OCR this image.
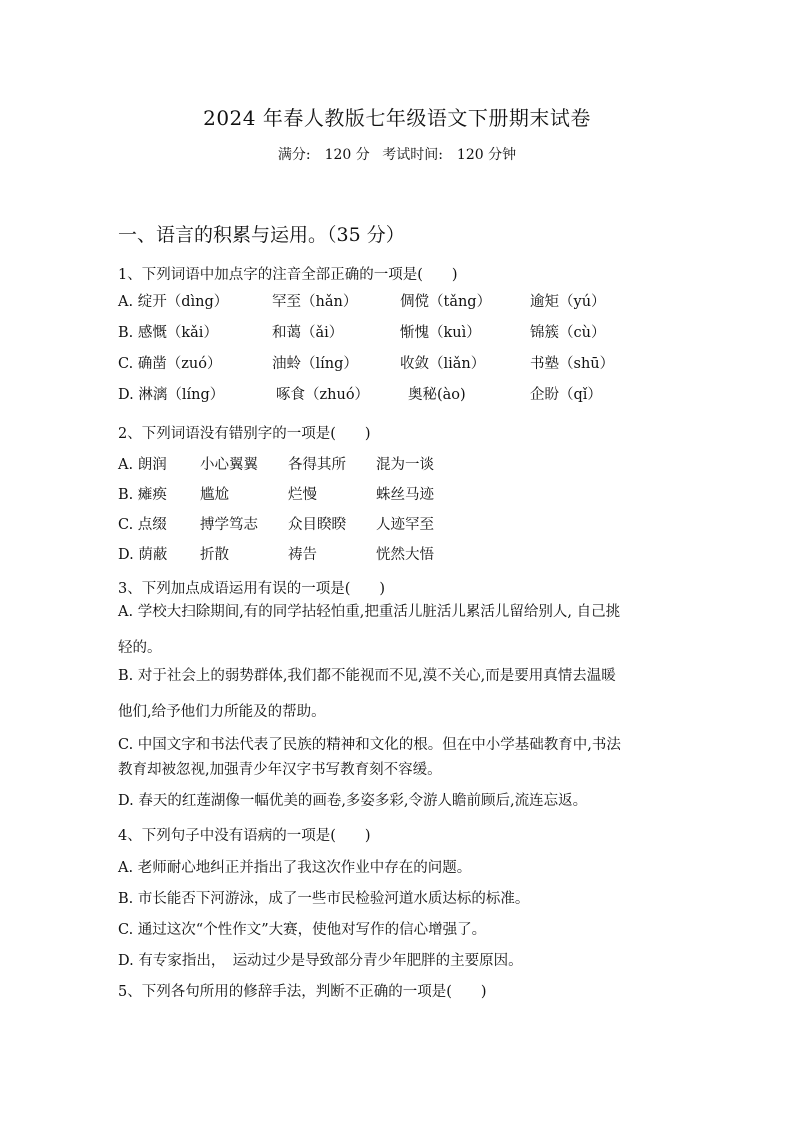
2024 年春人教版七年级语文下册期末试卷
满分:　120 分 考试时间:　120 分钟
一、语言的积累与运用。（35 分）
1、下列词语中加点字的注音全部正确的一项是(　　)
A. 绽开（dìng）	罕至（hǎn）	倜傥（tǎng）	逾矩（yú）
B. 感慨（kǎi）	和蔼（ǎi）	惭愧（kuì）	锦簇（cù）
C. 确凿（zuó）	油蛉（líng）	收敛（liǎn）	书塾（shū）
D. 淋漓（líng）	啄食（zhuó）	奥秘(ào)	企盼（qǐ）
2、下列词语没有错别字的一项是(　　)
A. 朗润 小心翼翼 各得其所 混为一谈
B. 瘫痪 尴尬	烂慢	蛛丝马迹
C. 点缀 搏学笃志 众目睽睽 人迹罕至
D. 荫蔽 折散	祷告	恍然大悟
3、下列加点成语运用有误的一项是(　　)
A. 学校大扫除期间,有的同学拈轻怕重,把重活儿脏活儿累活儿留给别人, 自己挑
轻的。
B. 对于社会上的弱势群体,我们都不能视而不见,漠不关心,而是要用真情去温暖
他们,给予他们力所能及的帮助。
C. 中国文字和书法代表了民族的精神和文化的根。但在中小学基础教育中,书法
教育却被忽视,加强青少年汉字书写教育刻不容缓。
D. 春天的红莲湖像一幅优美的画卷,多姿多彩,令游人瞻前顾后,流连忘返。
4、下列句子中没有语病的一项是(　　)
A. 老师耐心地纠正并指出了我这次作业中存在的问题。
B. 市长能否下河游泳，成了一些市民检验河道水质达标的标准。
C. 通过这次“个性作文”大赛，使他对写作的信心增强了。
D. 有专家指出，　运动过少是导致部分青少年肥胖的主要原因。
5、下列各句所用的修辞手法，判断不正确的一项是(　　)
